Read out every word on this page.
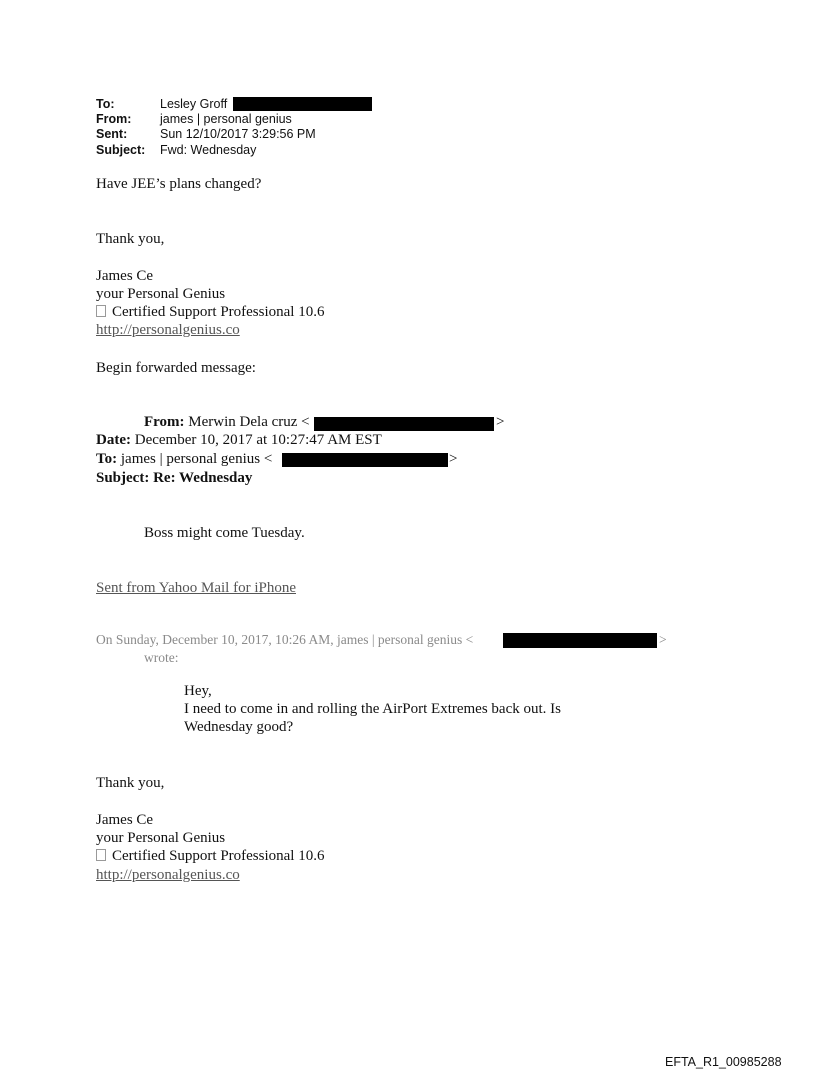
To:	Lesley Groff
From: james | personal genius
Sent:	Sun 12/10/2017 3:29:56 PM
Subject: Fwd: Wednesday
Have JEE’s plans changed?
Thank you,
James Ce
your Personal Genius
Certified Support Professional 10.6
http://personalgenius.co
Begin forwarded message:
From: Merwin Dela cruz <	>
Date: December 10, 2017 at 10:27:47 AM EST
To: james | personal genius <	>
Subject: Re: Wednesday
Boss might come Tuesday.
Sent from Yahoo Mail for iPhone
On Sunday, December 10, 2017, 10:26 AM, james | personal genius <	>
wrote:
Hey,
I need to come in and rolling the AirPort Extremes back out. Is
Wednesday good?
Thank you,
James Ce
your Personal Genius
Certified Support Professional 10.6
http://personalgenius.co
EFTA_R1_00985288
